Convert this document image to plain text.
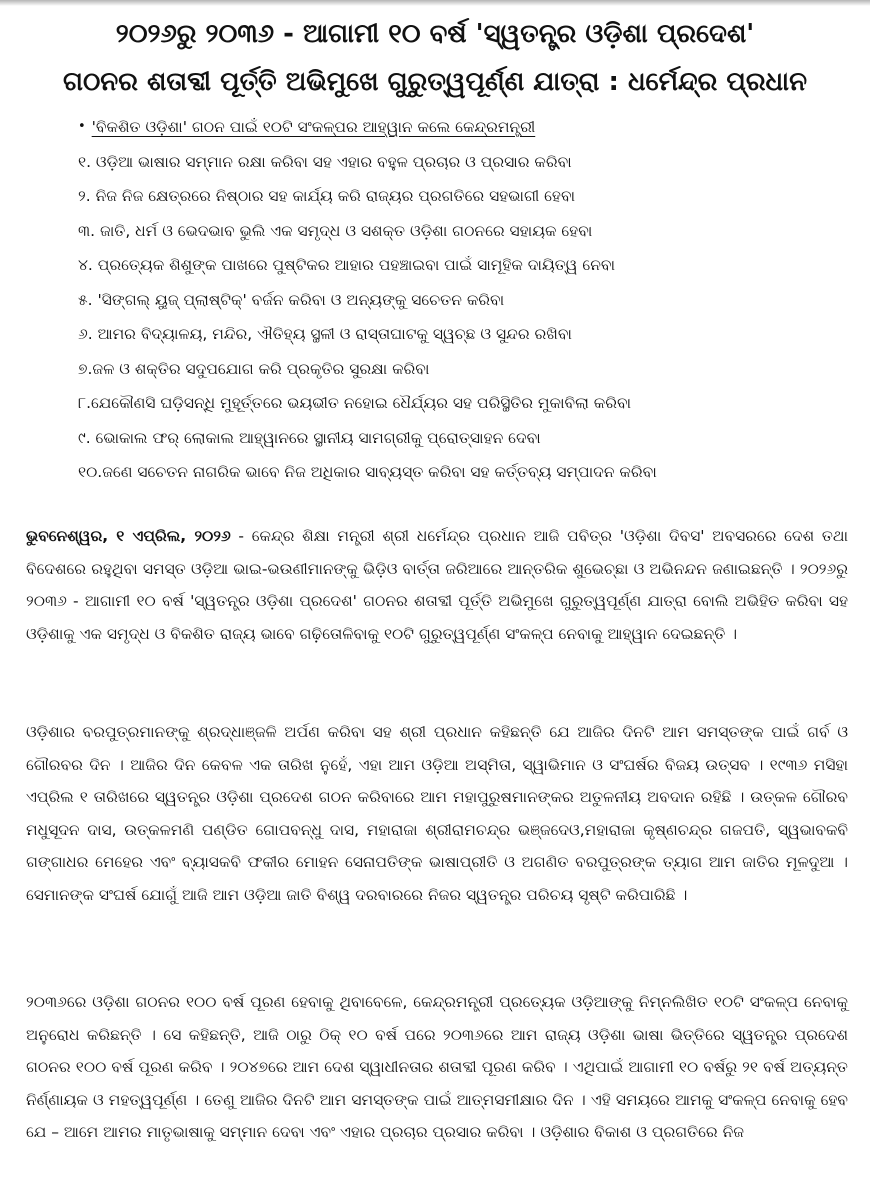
୨୦୨୬ରୁ ୨୦୩୬ - ଆଗାମୀ ୧୦ ବର୍ଷ 'ସ୍ୱତନ୍ତ୍ର ଓଡ଼ିଶା ପ୍ରଦେଶ'
ଗଠନର ଶତାବ୍ଦୀ ପୂର୍ତ୍ତି ଅଭିମୁଖେ ଗୁରୁତ୍ୱପୂର୍ଣ୍ଣ ଯାତ୍ରା : ଧର୍ମେନ୍ଦ୍ର ପ୍ରଧାନ
• 'ବିକଶିତ ଓଡ଼ିଶା' ଗଠନ ପାଇଁ ୧୦ଟି ସଂକଳ୍ପର ଆହ୍ୱାନ କଲେ କେନ୍ଦ୍ରମନ୍ତ୍ରୀ
୧. ଓଡ଼ିଆ ଭାଷାର ସମ୍ମାନ ରକ୍ଷା କରିବା ସହ ଏହାର ବହୁଳ ପ୍ରଚାର ଓ ପ୍ରସାର କରିବା
୨. ନିଜ ନିଜ କ୍ଷେତ୍ରରେ ନିଷ୍ଠାର ସହ କାର୍ଯ୍ୟ କରି ରାଜ୍ୟର ପ୍ରଗତିରେ ସହଭାଗୀ ହେବା
୩. ଜାତି, ଧର୍ମ ଓ ଭେଦଭାବ ଭୁଲି ଏକ ସମୃଦ୍ଧ ଓ ସଶକ୍ତ ଓଡ଼ିଶା ଗଠନରେ ସହାୟକ ହେବା
୪. ପ୍ରତ୍ୟେକ ଶିଶୁଙ୍କ ପାଖରେ ପୁଷ୍ଟିକର ଆହାର ପହଞ୍ଚାଇବା ପାଇଁ ସାମୂହିକ ଦାୟିତ୍ୱ ନେବା
୫. 'ସିଙ୍ଗଲ୍ ୟୁଜ୍ ପ୍ଲାଷ୍ଟିକ୍' ବର୍ଜନ କରିବା ଓ ଅନ୍ୟଙ୍କୁ ସଚେତନ କରିବା
୬. ଆମର ବିଦ୍ୟାଳୟ, ମନ୍ଦିର, ଐତିହ୍ୟ ସ୍ଥଳୀ ଓ ରାସ୍ତାଘାଟକୁ ସ୍ୱଚ୍ଛ ଓ ସୁନ୍ଦର ରଖିବା
୭.ଜଳ ଓ ଶକ୍ତିର ସଦୁପଯୋଗ କରି ପ୍ରକୃତିର ସୁରକ୍ଷା କରିବା
୮.ଯେକୌଣସି ଘଡ଼ିସନ୍ଧି ମୁହୂର୍ତ୍ତରେ ଭୟଭୀତ ନହୋଇ ଧୈର୍ଯ୍ୟର ସହ ପରିସ୍ଥିତିର ମୁକାବିଲା କରିବା
୯. ଭୋକାଲ ଫର୍ ଲୋକାଲ ଆହ୍ୱାନରେ ସ୍ଥାନୀୟ ସାମଗ୍ରୀକୁ ପ୍ରୋତ୍ସାହନ ଦେବା
୧୦.ଜଣେ ସଚେତନ ନାଗରିକ ଭାବେ ନିଜ ଅଧିକାର ସାବ୍ୟସ୍ତ କରିବା ସହ କର୍ତ୍ତବ୍ୟ ସମ୍ପାଦନ କରିବା

ଭୁବନେଶ୍ୱର, ୧ ଏପ୍ରିଲ, ୨୦୨୬ - କେନ୍ଦ୍ର ଶିକ୍ଷା ମନ୍ତ୍ରୀ ଶ୍ରୀ ଧର୍ମେନ୍ଦ୍ର ପ୍ରଧାନ ଆଜି ପବିତ୍ର 'ଓଡ଼ିଶା ଦିବସ' ଅବସରରେ ଦେଶ ତଥା ବିଦେଶରେ ରହୁଥିବା ସମସ୍ତ ଓଡ଼ିଆ ଭାଇ-ଭଉଣୀମାନଙ୍କୁ ଭିଡ଼ିଓ ବାର୍ତ୍ତା ଜରିଆରେ ଆନ୍ତରିକ ଶୁଭେଚ୍ଛା ଓ ଅଭିନନ୍ଦନ ଜଣାଇଛନ୍ତି । ୨୦୨୬ରୁ ୨୦୩୬ - ଆଗାମୀ ୧୦ ବର୍ଷ 'ସ୍ୱତନ୍ତ୍ର ଓଡ଼ିଶା ପ୍ରଦେଶ' ଗଠନର ଶତାବ୍ଦୀ ପୂର୍ତ୍ତି ଅଭିମୁଖେ ଗୁରୁତ୍ୱପୂର୍ଣ୍ଣ ଯାତ୍ରା ବୋଲି ଅଭିହିତ କରିବା ସହ ଓଡ଼ିଶାକୁ ଏକ ସମୃଦ୍ଧ ଓ ବିକଶିତ ରାଜ୍ୟ ଭାବେ ଗଢ଼ିତୋଳିବାକୁ ୧୦ଟି ଗୁରୁତ୍ୱପୂର୍ଣ୍ଣ ସଂକଳ୍ପ ନେବାକୁ ଆହ୍ୱାନ ଦେଇଛନ୍ତି ।

ଓଡ଼ିଶାର ବରପୁତ୍ରମାନଙ୍କୁ ଶ୍ରଦ୍ଧାଞ୍ଜଳି ଅର୍ପଣ କରିବା ସହ ଶ୍ରୀ ପ୍ରଧାନ କହିଛନ୍ତି ଯେ ଆଜିର ଦିନଟି ଆମ ସମସ୍ତଙ୍କ ପାଇଁ ଗର୍ବ ଓ ଗୌରବର ଦିନ । ଆଜିର ଦିନ କେବଳ ଏକ ତାରିଖ ନୁହେଁ, ଏହା ଆମ ଓଡ଼ିଆ ଅସ୍ମିତା, ସ୍ୱାଭିମାନ ଓ ସଂଘର୍ଷର ବିଜୟ ଉତ୍ସବ । ୧୯୩୬ ମସିହା ଏପ୍ରିଲ ୧ ତାରିଖରେ ସ୍ୱତନ୍ତ୍ର ଓଡ଼ିଶା ପ୍ରଦେଶ ଗଠନ କରିବାରେ ଆମ ମହାପୁରୁଷମାନଙ୍କର ଅତୁଳନୀୟ ଅବଦାନ ରହିଛି । ଉତ୍କଳ ଗୌରବ ମଧୁସୂଦନ ଦାସ, ଉତ୍କଳମଣି ପଣ୍ଡିତ ଗୋପବନ୍ଧୁ ଦାସ, ମହାରାଜା ଶ୍ରୀରାମଚନ୍ଦ୍ର ଭଞ୍ଜଦେଓ,ମହାରାଜା କୃଷ୍ଣଚନ୍ଦ୍ର ଗଜପତି, ସ୍ୱଭାବକବି ଗଙ୍ଗାଧର ମେହେର ଏବଂ ବ୍ୟାସକବି ଫକୀର ମୋହନ ସେନାପତିଙ୍କ ଭାଷାପ୍ରୀତି ଓ ଅଗଣିତ ବରପୁତ୍ରଙ୍କ ତ୍ୟାଗ ଆମ ଜାତିର ମୂଳଦୁଆ । ସେମାନଙ୍କ ସଂଘର୍ଷ ଯୋଗୁଁ ଆଜି ଆମ ଓଡ଼ିଆ ଜାତି ବିଶ୍ୱ ଦରବାରରେ ନିଜର ସ୍ୱତନ୍ତ୍ର ପରିଚୟ ସୃଷ୍ଟି କରିପାରିଛି ।

୨୦୩୬ରେ ଓଡ଼ିଶା ଗଠନର ୧୦୦ ବର୍ଷ ପୂରଣ ହେବାକୁ ଥିବାବେଳେ, କେନ୍ଦ୍ରମନ୍ତ୍ରୀ ପ୍ରତ୍ୟେକ ଓଡ଼ିଆଙ୍କୁ ନିମ୍ନଲିଖିତ ୧୦ଟି ସଂକଳ୍ପ ନେବାକୁ ଅନୁରୋଧ କରିଛନ୍ତି । ସେ କହିଛନ୍ତି, ଆଜି ଠାରୁ ଠିକ୍ ୧୦ ବର୍ଷ ପରେ ୨୦୩୬ରେ ଆମ ରାଜ୍ୟ ଓଡ଼ିଶା ଭାଷା ଭିତ୍ତିରେ ସ୍ୱତନ୍ତ୍ର ପ୍ରଦେଶ ଗଠନର ୧୦୦ ବର୍ଷ ପୂରଣ କରିବ । ୨୦୪୭ରେ ଆମ ଦେଶ ସ୍ୱାଧୀନତାର ଶତାବ୍ଦୀ ପୂରଣ କରିବ । ଏଥିପାଇଁ ଆଗାମୀ ୧୦ ବର୍ଷରୁ ୨୧ ବର୍ଷ ଅତ୍ୟନ୍ତ ନିର୍ଣ୍ଣାୟକ ଓ ମହତ୍ୱପୂର୍ଣ୍ଣ । ତେଣୁ ଆଜିର ଦିନଟି ଆମ ସମସ୍ତଙ୍କ ପାଇଁ ଆତ୍ମସମୀକ୍ଷାର ଦିନ । ଏହି ସମୟରେ ଆମକୁ ସଂକଳ୍ପ ନେବାକୁ ହେବ ଯେ – ଆମେ ଆମର ମାତୃଭାଷାକୁ ସମ୍ମାନ ଦେବା ଏବଂ ଏହାର ପ୍ରଚାର ପ୍ରସାର କରିବା । ଓଡ଼ିଶାର ବିକାଶ ଓ ପ୍ରଗତିରେ ନିଜ
